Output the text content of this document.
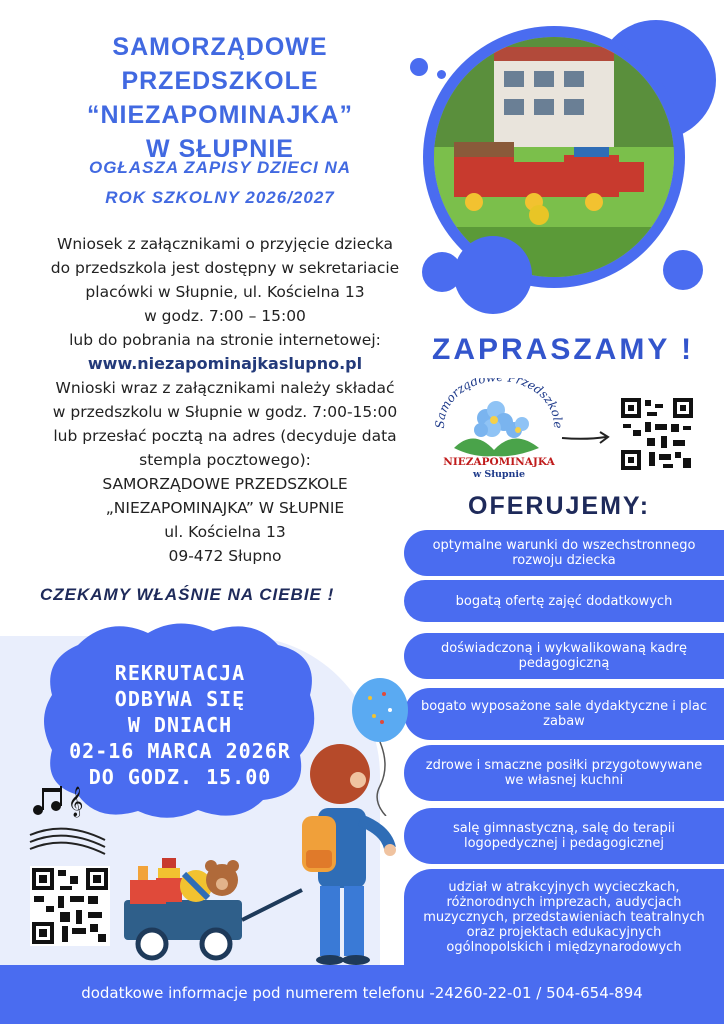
SAMORZĄDOWE PRZEDSZKOLE
“NIEZAPOMINAJKA”
W SŁUPNIE
OGŁASZA ZAPISY DZIECI NA
ROK SZKOLNY 2026/2027
Wniosek z załącznikami o przyjęcie dziecka
do przedszkola jest dostępny w sekretariacie
placówki w Słupnie, ul. Kościelna 13
w godz. 7:00 – 15:00
lub do pobrania na stronie internetowej:
www.niezapominajkaslupno.pl
Wnioski wraz z załącznikami należy składać
w przedszkolu w Słupnie w godz. 7:00-15:00
lub przesłać pocztą na adres (decyduje data
stempla pocztowego):
SAMORZĄDOWE PRZEDSZKOLE
„NIEZAPOMINAJKA” W SŁUPNIE
ul. Kościelna 13
09-472 Słupno
ZAPRASZAMY !
Samorządo Przedszkole
NIEZAPOMINAJKA
w Słupnie
OFERUJEMY:
optymalne warunki do wszechstronnego rozwoju dziecka
bogatą ofertę zajęć dodatkowych
doświadczoną i wykwalikowaną kadrę pedagogiczną
bogato wyposażone sale dydaktyczne i plac zabaw
zdrowe i smaczne posiłki przygotowywane we własnej kuchni
salę gimnastyczną, salę do terapii logopedycznej i pedagogicznej
udział w atrakcyjnych wycieczkach, różnorodnych imprezach, audycjach muzycznych, przedstawieniach teatralnych oraz projektach edukacyjnych ogólnopolskich i międzynarodowych
CZEKAMY WŁAŚNIE NA CIEBIE !
REKRUTACJA
ODBYWA SIĘ
W DNIACH
02-16 MARCA 2026R
DO GODZ. 15.00
𝄞
dodatkowe informacje pod numerem telefonu -24260-22-01 / 504-654-894
